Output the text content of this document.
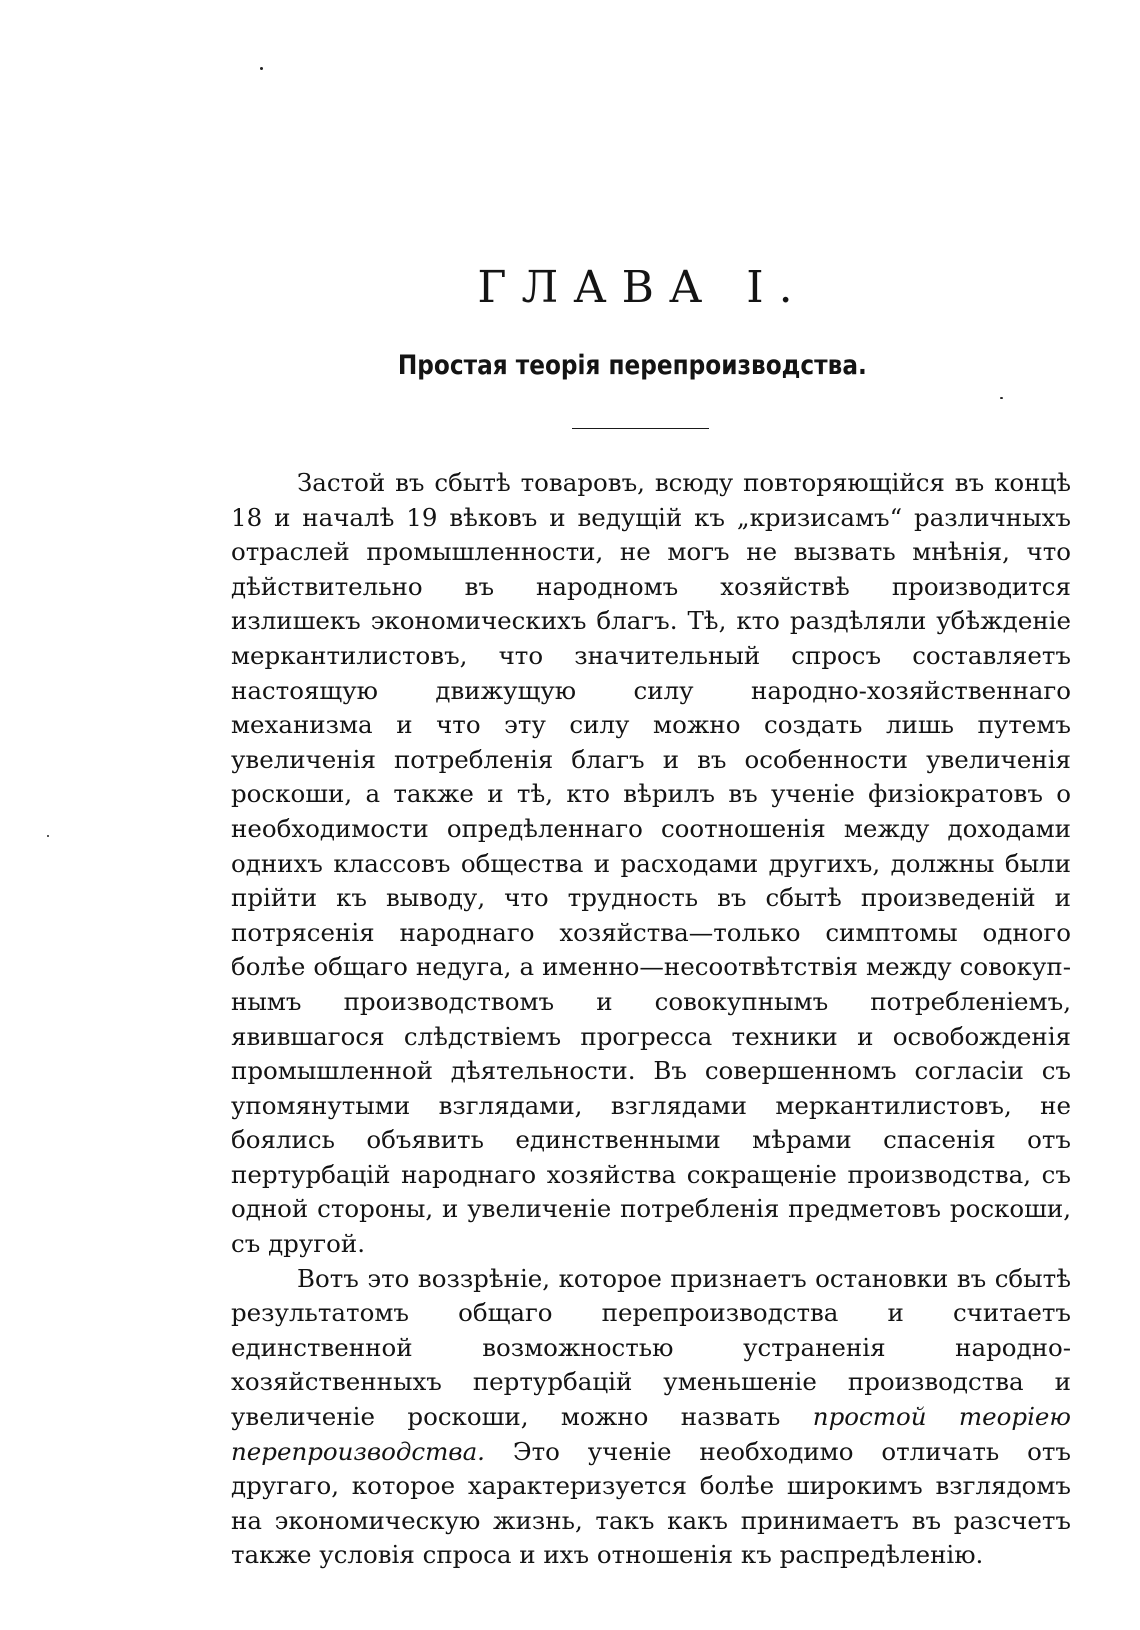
ГЛАВА I.
Простая теорія перепроизводства.

Застой въ сбытѣ товаровъ, всюду повторяющійся въ концѣ 18 и началѣ 19 вѣковъ и ведущій къ „кризисамъ“ различныхъ отраслей промышленности, не могъ не вызвать мнѣнія, что дѣйствительно въ народномъ хозяйствѣ производится излишекъ экономическихъ благъ. Тѣ, кто раздѣляли убѣжденіе меркантилистовъ, что значительный спросъ составляетъ настоящую движущую силу народно-хозяйственнаго механизма и что эту силу можно создать лишь путемъ увеличенія потребленія благъ и въ особенности увеличенія роскоши, а также и тѣ, кто вѣрилъ въ ученіе физіократовъ о необходимости опредѣленнаго соотношенія между доходами однихъ классовъ общества и расходами другихъ, должны были прійти къ выводу, что трудность въ сбытѣ произведеній и потрясенія народнаго хозяйства—только симптомы одного болѣе общаго недуга, а именно—несоотвѣтствія между совокупнымъ производствомъ и совокупнымъ потребленіемъ, явившагося слѣдствіемъ прогресса техники и освобожденія промышленной дѣятельности. Въ совершенномъ согласіи съ упомянутыми взглядами, взглядами меркантилистовъ, не боялись объявить единственными мѣрами спасенія отъ пертурбацій народнаго хозяйства сокращеніе производства, съ одной стороны, и увеличеніе потребленія предметовъ роскоши, съ другой.

Вотъ это воззрѣніе, которое признаетъ остановки въ сбытѣ результатомъ общаго перепроизводства и считаетъ единственной возможностью устраненія народно-хозяйственныхъ пертурбацій уменьшеніе производства и увеличеніе роскоши, можно назвать простой теоріею перепроизводства. Это ученіе необходимо отличать отъ другаго, которое характеризуется болѣе широкимъ взглядомъ на экономическую жизнь, такъ какъ принимаетъ въ разсчетъ также условія спроса и ихъ отношенія къ распредѣленію.
